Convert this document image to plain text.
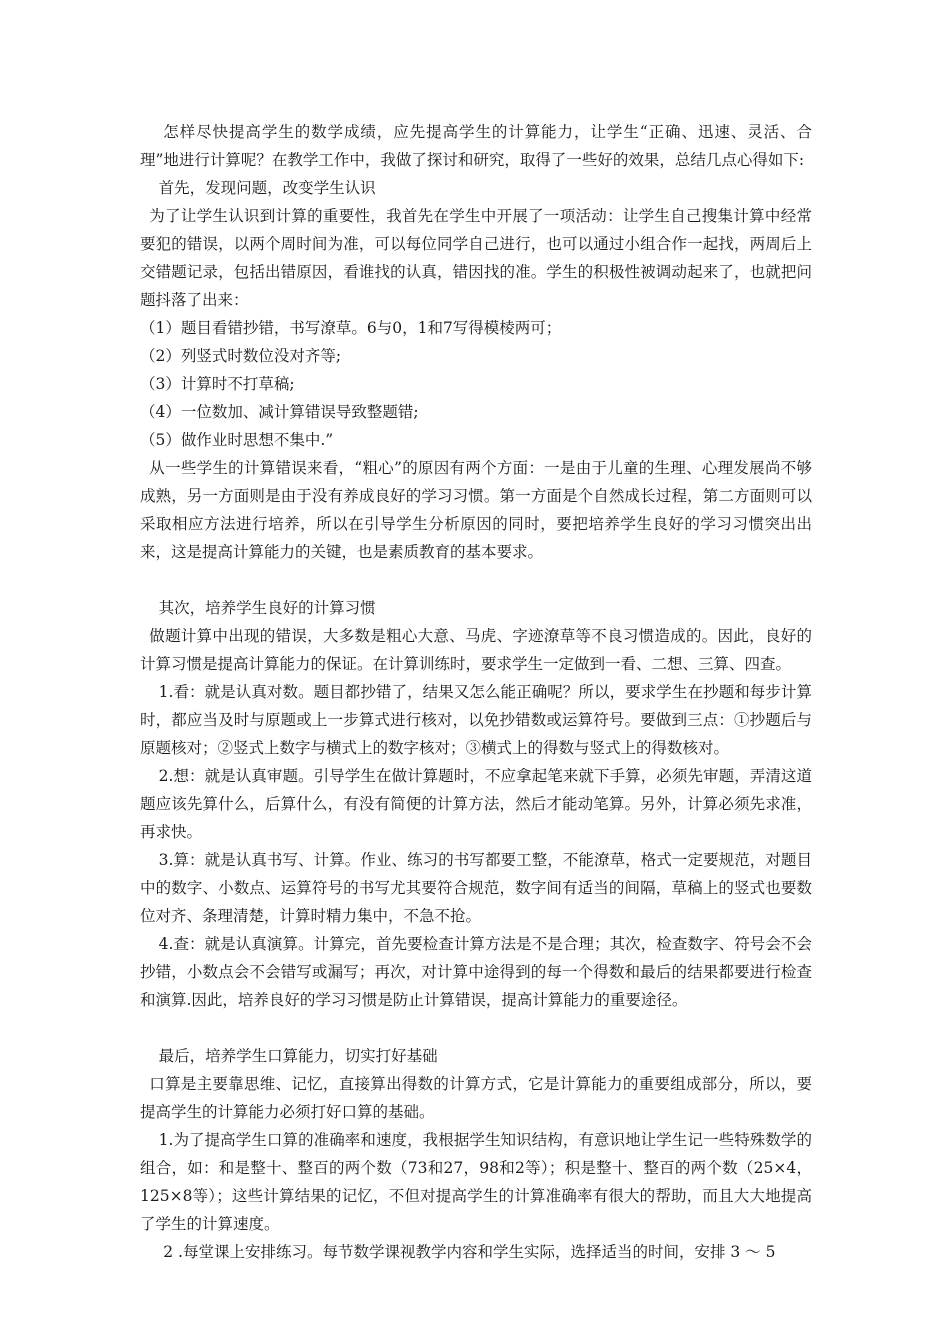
怎样尽快提高学生的数学成绩，应先提高学生的计算能力，让学生“正确、迅速、灵活、合理”地进行计算呢？在教学工作中，我做了探讨和研究，取得了一些好的效果，总结几点心得如下:

首先，发现问题，改变学生认识

为了让学生认识到计算的重要性，我首先在学生中开展了一项活动：让学生自己搜集计算中经常要犯的错误，以两个周时间为准，可以每位同学自己进行，也可以通过小组合作一起找，两周后上交错题记录，包括出错原因，看谁找的认真，错因找的准。学生的积极性被调动起来了，也就把问题抖落了出来：

（1）题目看错抄错，书写潦草。6与0，1和7写得模棱两可；

（2）列竖式时数位没对齐等;

（3）计算时不打草稿;

（4）一位数加、减计算错误导致整题错;

（5）做作业时思想不集中.”

从一些学生的计算错误来看，“粗心”的原因有两个方面：一是由于儿童的生理、心理发展尚不够成熟，另一方面则是由于没有养成良好的学习习惯。第一方面是个自然成长过程，第二方面则可以采取相应方法进行培养，所以在引导学生分析原因的同时，要把培养学生良好的学习习惯突出出来，这是提高计算能力的关键，也是素质教育的基本要求。

其次，培养学生良好的计算习惯

做题计算中出现的错误，大多数是粗心大意、马虎、字迹潦草等不良习惯造成的。因此，良好的计算习惯是提高计算能力的保证。在计算训练时，要求学生一定做到一看、二想、三算、四查。

1.看：就是认真对数。题目都抄错了，结果又怎么能正确呢？所以，要求学生在抄题和每步计算时，都应当及时与原题或上一步算式进行核对，以免抄错数或运算符号。要做到三点：①抄题后与原题核对；②竖式上数字与横式上的数字核对；③横式上的得数与竖式上的得数核对。

2.想：就是认真审题。引导学生在做计算题时，不应拿起笔来就下手算，必须先审题，弄清这道题应该先算什么，后算什么，有没有简便的计算方法，然后才能动笔算。另外，计算必须先求准，再求快。

3.算：就是认真书写、计算。作业、练习的书写都要工整，不能潦草，格式一定要规范，对题目中的数字、小数点、运算符号的书写尤其要符合规范，数字间有适当的间隔，草稿上的竖式也要数位对齐、条理清楚，计算时精力集中，不急不抢。

4.查：就是认真演算。计算完，首先要检查计算方法是不是合理；其次，检查数字、符号会不会抄错，小数点会不会错写或漏写；再次，对计算中途得到的每一个得数和最后的结果都要进行检查和演算.因此，培养良好的学习习惯是防止计算错误，提高计算能力的重要途径。

最后，培养学生口算能力，切实打好基础

口算是主要靠思维、记忆，直接算出得数的计算方式，它是计算能力的重要组成部分，所以，要提高学生的计算能力必须打好口算的基础。

1.为了提高学生口算的准确率和速度，我根据学生知识结构，有意识地让学生记一些特殊数学的组合，如：和是整十、整百的两个数（73和27，98和2等）；积是整十、整百的两个数（25×4，125×8等）；这些计算结果的记忆，不但对提高学生的计算准确率有很大的帮助，而且大大地提高了学生的计算速度。

2 .每堂课上安排练习。每节数学课视教学内容和学生实际，选择适当的时间，安排 3 ～ 5
